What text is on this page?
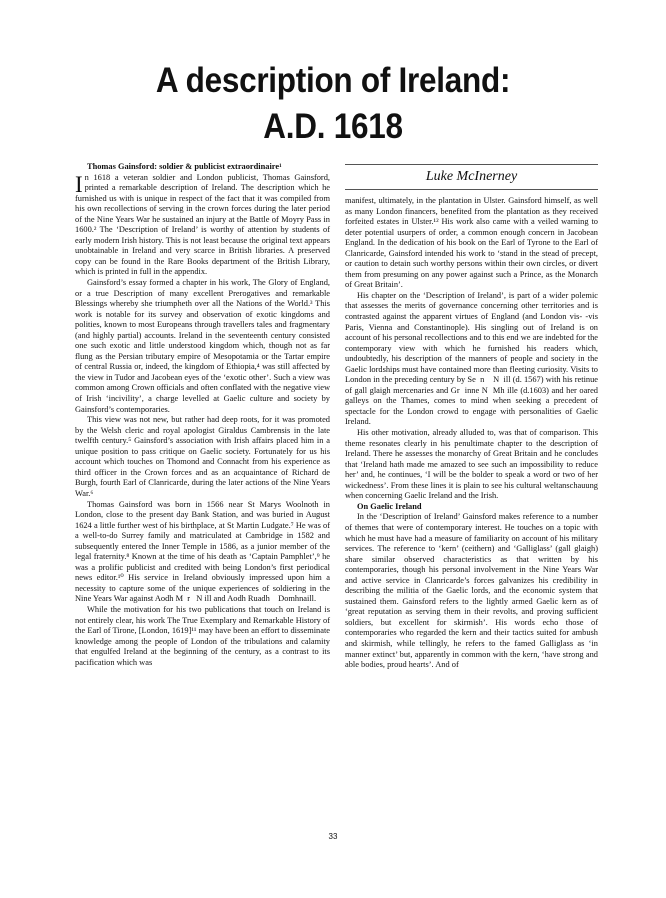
A description of Ireland:
A.D. 1618

Thomas Gainsford: soldier & publicist extraordinaire¹

In 1618 a veteran soldier and London publicist, Thomas Gainsford, printed a remarkable description of Ireland. The description which he furnished us with is unique in respect of the fact that it was compiled from his own recollections of serving in the crown forces during the later period of the Nine Years War he sustained an injury at the Battle of Moyry Pass in 1600.² The ‘Description of Ireland’ is worthy of attention by students of early modern Irish history. This is not least because the original text appears unobtainable in Ireland and very scarce in British libraries. A preserved copy can be found in the Rare Books department of the British Library, which is printed in full in the appendix.

Gainsford’s essay formed a chapter in his work, The Glory of England, or a true Description of many excellent Prerogatives and remarkable Blessings whereby she triumpheth over all the Nations of the World.³ This work is notable for its survey and observation of exotic kingdoms and polities, known to most Europeans through travellers tales and fragmentary (and highly partial) accounts. Ireland in the seventeenth century consisted one such exotic and little understood kingdom which, though not as far flung as the Persian tributary empire of Mesopotamia or the Tartar empire of central Russia or, indeed, the kingdom of Ethiopia,⁴ was still affected by the view in Tudor and Jacobean eyes of the ‘exotic other’. Such a view was common among Crown officials and often conflated with the negative view of Irish ‘incivility’, a charge levelled at Gaelic culture and society by Gainsford’s contemporaries.

This view was not new, but rather had deep roots, for it was promoted by the Welsh cleric and royal apologist Giraldus Cambrensis in the late twelfth century.⁵ Gainsford’s association with Irish affairs placed him in a unique position to pass critique on Gaelic society. Fortunately for us his account which touches on Thomond and Connacht from his experience as third officer in the Crown forces and as an acquaintance of Richard de Burgh, fourth Earl of Clanricarde, during the later actions of the Nine Years War.⁶

Thomas Gainsford was born in 1566 near St Marys Woolnoth in London, close to the present day Bank Station, and was buried in August 1624 a little further west of his birthplace, at St Martin Ludgate.⁷ He was of a well-to-do Surrey family and matriculated at Cambridge in 1582 and subsequently entered the Inner Temple in 1586, as a junior member of the legal fraternity.⁸ Known at the time of his death as ‘Captain Pamphlet’,⁹ he was a prolific publicist and credited with being London’s first periodical news editor.¹⁰ His service in Ireland obviously impressed upon him a necessity to capture some of the unique experiences of soldiering in the Nine Years War against Aodh M  r   N ill and Aodh Ruadh    Domhnaill.

While the motivation for his two publications that touch on Ireland is not entirely clear, his work The True Exemplary and Remarkable History of the Earl of Tirone, [London, 1619]¹¹ may have been an effort to disseminate knowledge among the people of London of the tribulations and calamity that engulfed Ireland at the beginning of the century, as a contrast to its pacification which was

Luke McInerney

manifest, ultimately, in the plantation in Ulster. Gainsford himself, as well as many London financers, benefited from the plantation as they received forfeited estates in Ulster.¹² His work also came with a veiled warning to deter potential usurpers of order, a common enough concern in Jacobean England. In the dedication of his book on the Earl of Tyrone to the Earl of Clanricarde, Gainsford intended his work to ‘stand in the stead of precept, or caution to detain such worthy persons within their own circles, or divert them from presuming on any power against such a Prince, as the Monarch of Great Britain’.

His chapter on the ‘Description of Ireland’, is part of a wider polemic that assesses the merits of governance concerning other territories and is contrasted against the apparent virtues of England (and London vis- -vis Paris, Vienna and Constantinople). His singling out of Ireland is on account of his personal recollections and to this end we are indebted for the contemporary view with which he furnished his readers which, undoubtedly, his description of the manners of people and society in the Gaelic lordships must have contained more than fleeting curiosity. Visits to London in the preceding century by Se  n    N  ill (d. 1567) with his retinue of gall glaigh mercenaries and Gr  inne N  Mh ille (d.1603) and her oared galleys on the Thames, comes to mind when seeking a precedent of spectacle for the London crowd to engage with personalities of Gaelic Ireland.

His other motivation, already alluded to, was that of comparison. This theme resonates clearly in his penultimate chapter to the description of Ireland. There he assesses the monarchy of Great Britain and he concludes that ‘Ireland hath made me amazed to see such an impossibility to reduce her’ and, he continues, ‘I will be the bolder to speak a word or two of her wickedness’. From these lines it is plain to see his cultural weltanschauung when concerning Gaelic Ireland and the Irish.

On Gaelic Ireland

In the ‘Description of Ireland’ Gainsford makes reference to a number of themes that were of contemporary interest. He touches on a topic with which he must have had a measure of familiarity on account of his military services. The reference to ‘kern’ (ceithern) and ‘Galliglass’ (gall glaigh) share similar observed characteristics as that written by his contemporaries, though his personal involvement in the Nine Years War and active service in Clanricarde’s forces galvanizes his credibility in describing the militia of the Gaelic lords, and the economic system that sustained them. Gainsford refers to the lightly armed Gaelic kern as of ‘great reputation as serving them in their revolts, and proving sufficient soldiers, but excellent for skirmish’. His words echo those of contemporaries who regarded the kern and their tactics suited for ambush and skirmish, while tellingly, he refers to the famed Galliglass as ‘in manner extinct’ but, apparently in common with the kern, ‘have strong and able bodies, proud hearts’. And of

33
